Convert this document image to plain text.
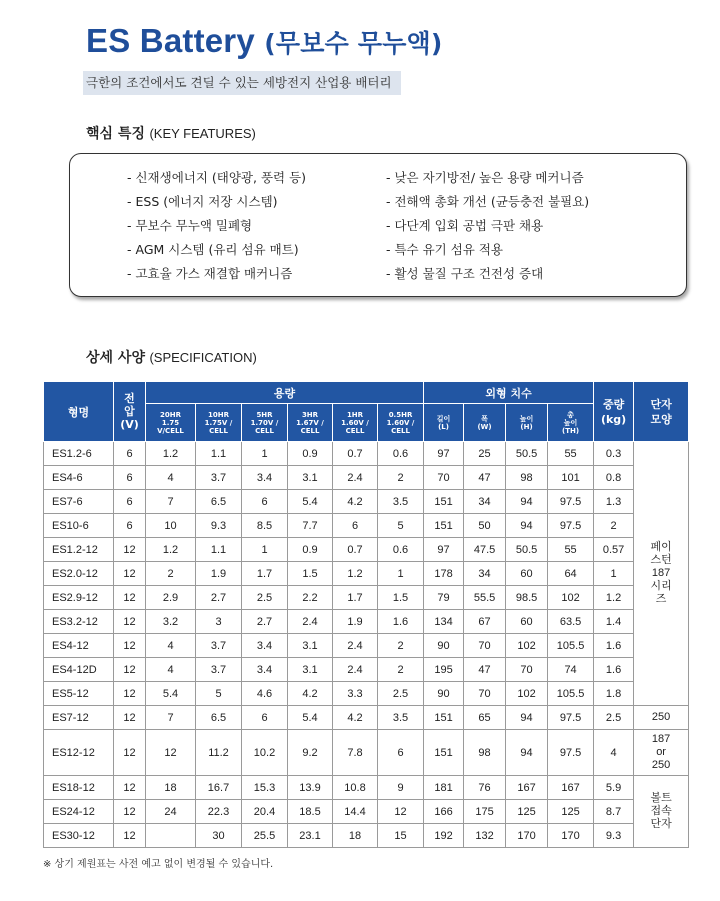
ES Battery (무보수 무누액)
극한의 조건에서도 견딜 수 있는 세방전지 산업용 배터리
핵심 특징 (KEY FEATURES)
- 신재생에너지 (태양광, 풍력 등)
- ESS (에너지 저장 시스템)
- 무보수 무누액 밀폐형
- AGM 시스템 (유리 섬유 매트)
- 고효율 가스 재결합 매커니즘
- 낮은 자기방전/ 높은 용량 메커니즘
- 전해액 총화 개선 (균등충전 불필요)
- 다단계 입회 공법 극판 채용
- 특수 유기 섬유 적용
- 활성 물질 구조 건전성 증대
상세 사양 (SPECIFICATION)
형명	전
압
(V)	용량						외형 치수				중량
(kg)	단자
모양
		20HR
1.75
V/CELL	10HR
1.75V /
CELL	5HR
1.70V /
CELL	3HR
1.67V /
CELL	1HR
1.60V /
CELL	0.5HR
1.60V /
CELL	길이
(L)	폭
(W)	높이
(H)	총
높이
(TH)		
ES1.2-6	6	1.2	1.1	1	0.9	0.7	0.6	97	25	50.5	55	0.3	페이
스턴
187
시리
즈

ES4-6	6	4	3.7	3.4	3.1	2.4	2	70	47	98	101	0.8	
ES7-6	6	7	6.5	6	5.4	4.2	3.5	151	34	94	97.5	1.3	
ES10-6	6	10	9.3	8.5	7.7	6	5	151	50	94	97.5	2	
ES1.2-12	12	1.2	1.1	1	0.9	0.7	0.6	97	47.5	50.5	55	0.57	
ES2.0-12	12	2	1.9	1.7	1.5	1.2	1	178	34	60	64	1	
ES2.9-12	12	2.9	2.7	2.5	2.2	1.7	1.5	79	55.5	98.5	102	1.2	
ES3.2-12	12	3.2	3	2.7	2.4	1.9	1.6	134	67	60	63.5	1.4	
ES4-12	12	4	3.7	3.4	3.1	2.4	2	90	70	102	105.5	1.6	
ES4-12D	12	4	3.7	3.4	3.1	2.4	2	195	47	70	74	1.6	
ES5-12	12	5.4	5	4.6	4.2	3.3	2.5	90	70	102	105.5	1.8	
ES7-12	12	7	6.5	6	5.4	4.2	3.5	151	65	94	97.5	2.5	250

ES12-12	12	12	11.2	10.2	9.2	7.8	6	151	98	94	97.5	4	187
or
250

ES18-12	12	18	16.7	15.3	13.9	10.8	9	181	76	167	167	5.9	볼트
접속
단자

ES24-12	12	24	22.3	20.4	18.5	14.4	12	166	175	125	125	8.7	
ES30-12	12		30	25.5	23.1	18	15	192	132	170	170	9.3	
※ 상기 제원표는 사전 예고 없이 변경될 수 있습니다.
